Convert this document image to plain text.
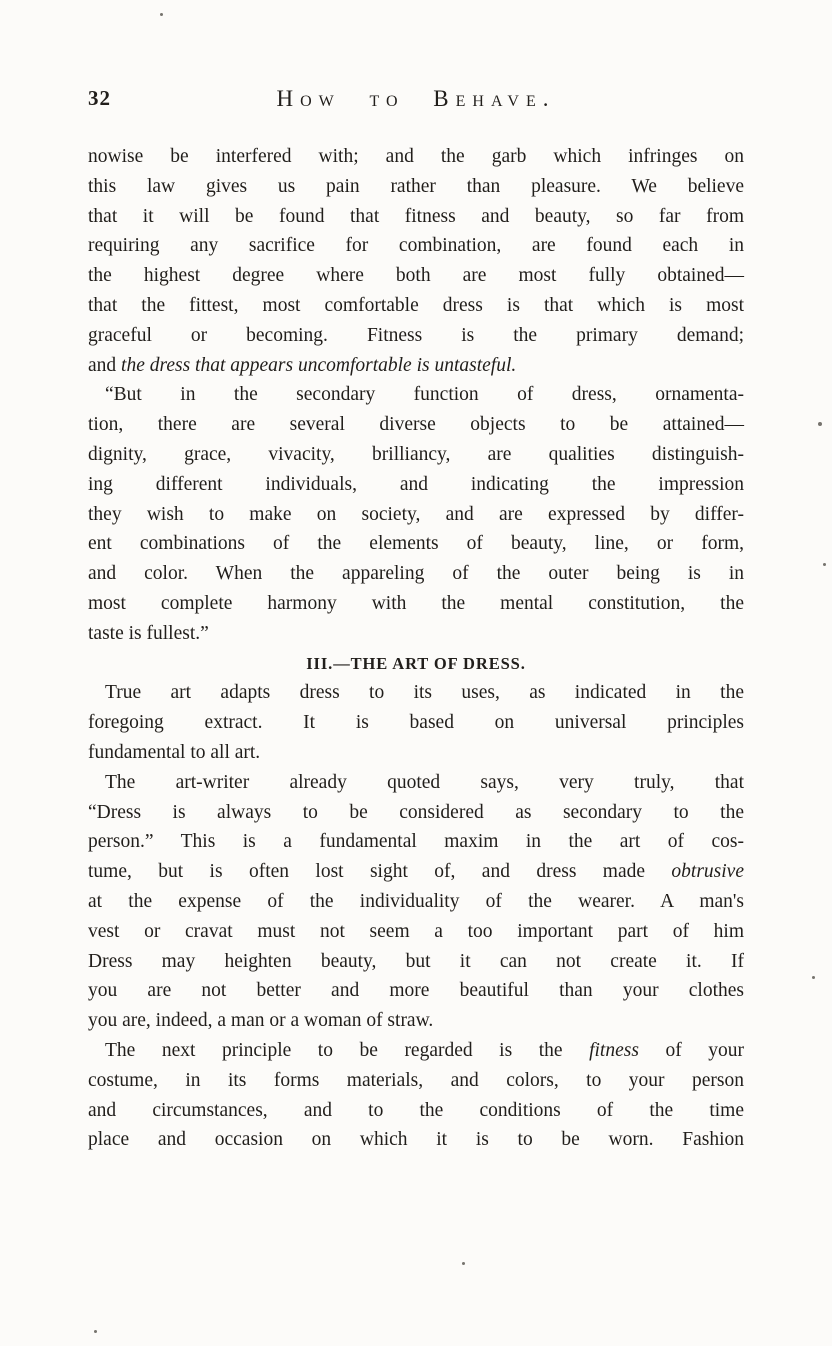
32	How to Behave.
nowise be interfered with; and the garb which infringes on
this law gives us pain rather than pleasure. We believe
that it will be found that fitness and beauty, so far from
requiring any sacrifice for combination, are found each in
the highest degree where both are most fully obtained—
that the fittest, most comfortable dress is that which is most
graceful or becoming. Fitness is the primary demand;
and the dress that appears uncomfortable is untasteful.
“But in the secondary function of dress, ornamenta-
tion, there are several diverse objects to be attained—
dignity, grace, vivacity, brilliancy, are qualities distinguish-
ing different individuals, and indicating the impression
they wish to make on society, and are expressed by differ-
ent combinations of the elements of beauty, line, or form,
and color. When the appareling of the outer being is in
most complete harmony with the mental constitution, the
taste is fullest.”
III.—THE ART OF DRESS.
True art adapts dress to its uses, as indicated in the
foregoing extract. It is based on universal principles
fundamental to all art.
The art-writer already quoted says, very truly, that
“Dress is always to be considered as secondary to the
person.” This is a fundamental maxim in the art of cos-
tume, but is often lost sight of, and dress made obtrusive
at the expense of the individuality of the wearer. A man's
vest or cravat must not seem a too important part of him
Dress may heighten beauty, but it can not create it. If
you are not better and more beautiful than your clothes
you are, indeed, a man or a woman of straw.
The next principle to be regarded is the fitness of your
costume, in its forms materials, and colors, to your person
and circumstances, and to the conditions of the time
place and occasion on which it is to be worn. Fashion
